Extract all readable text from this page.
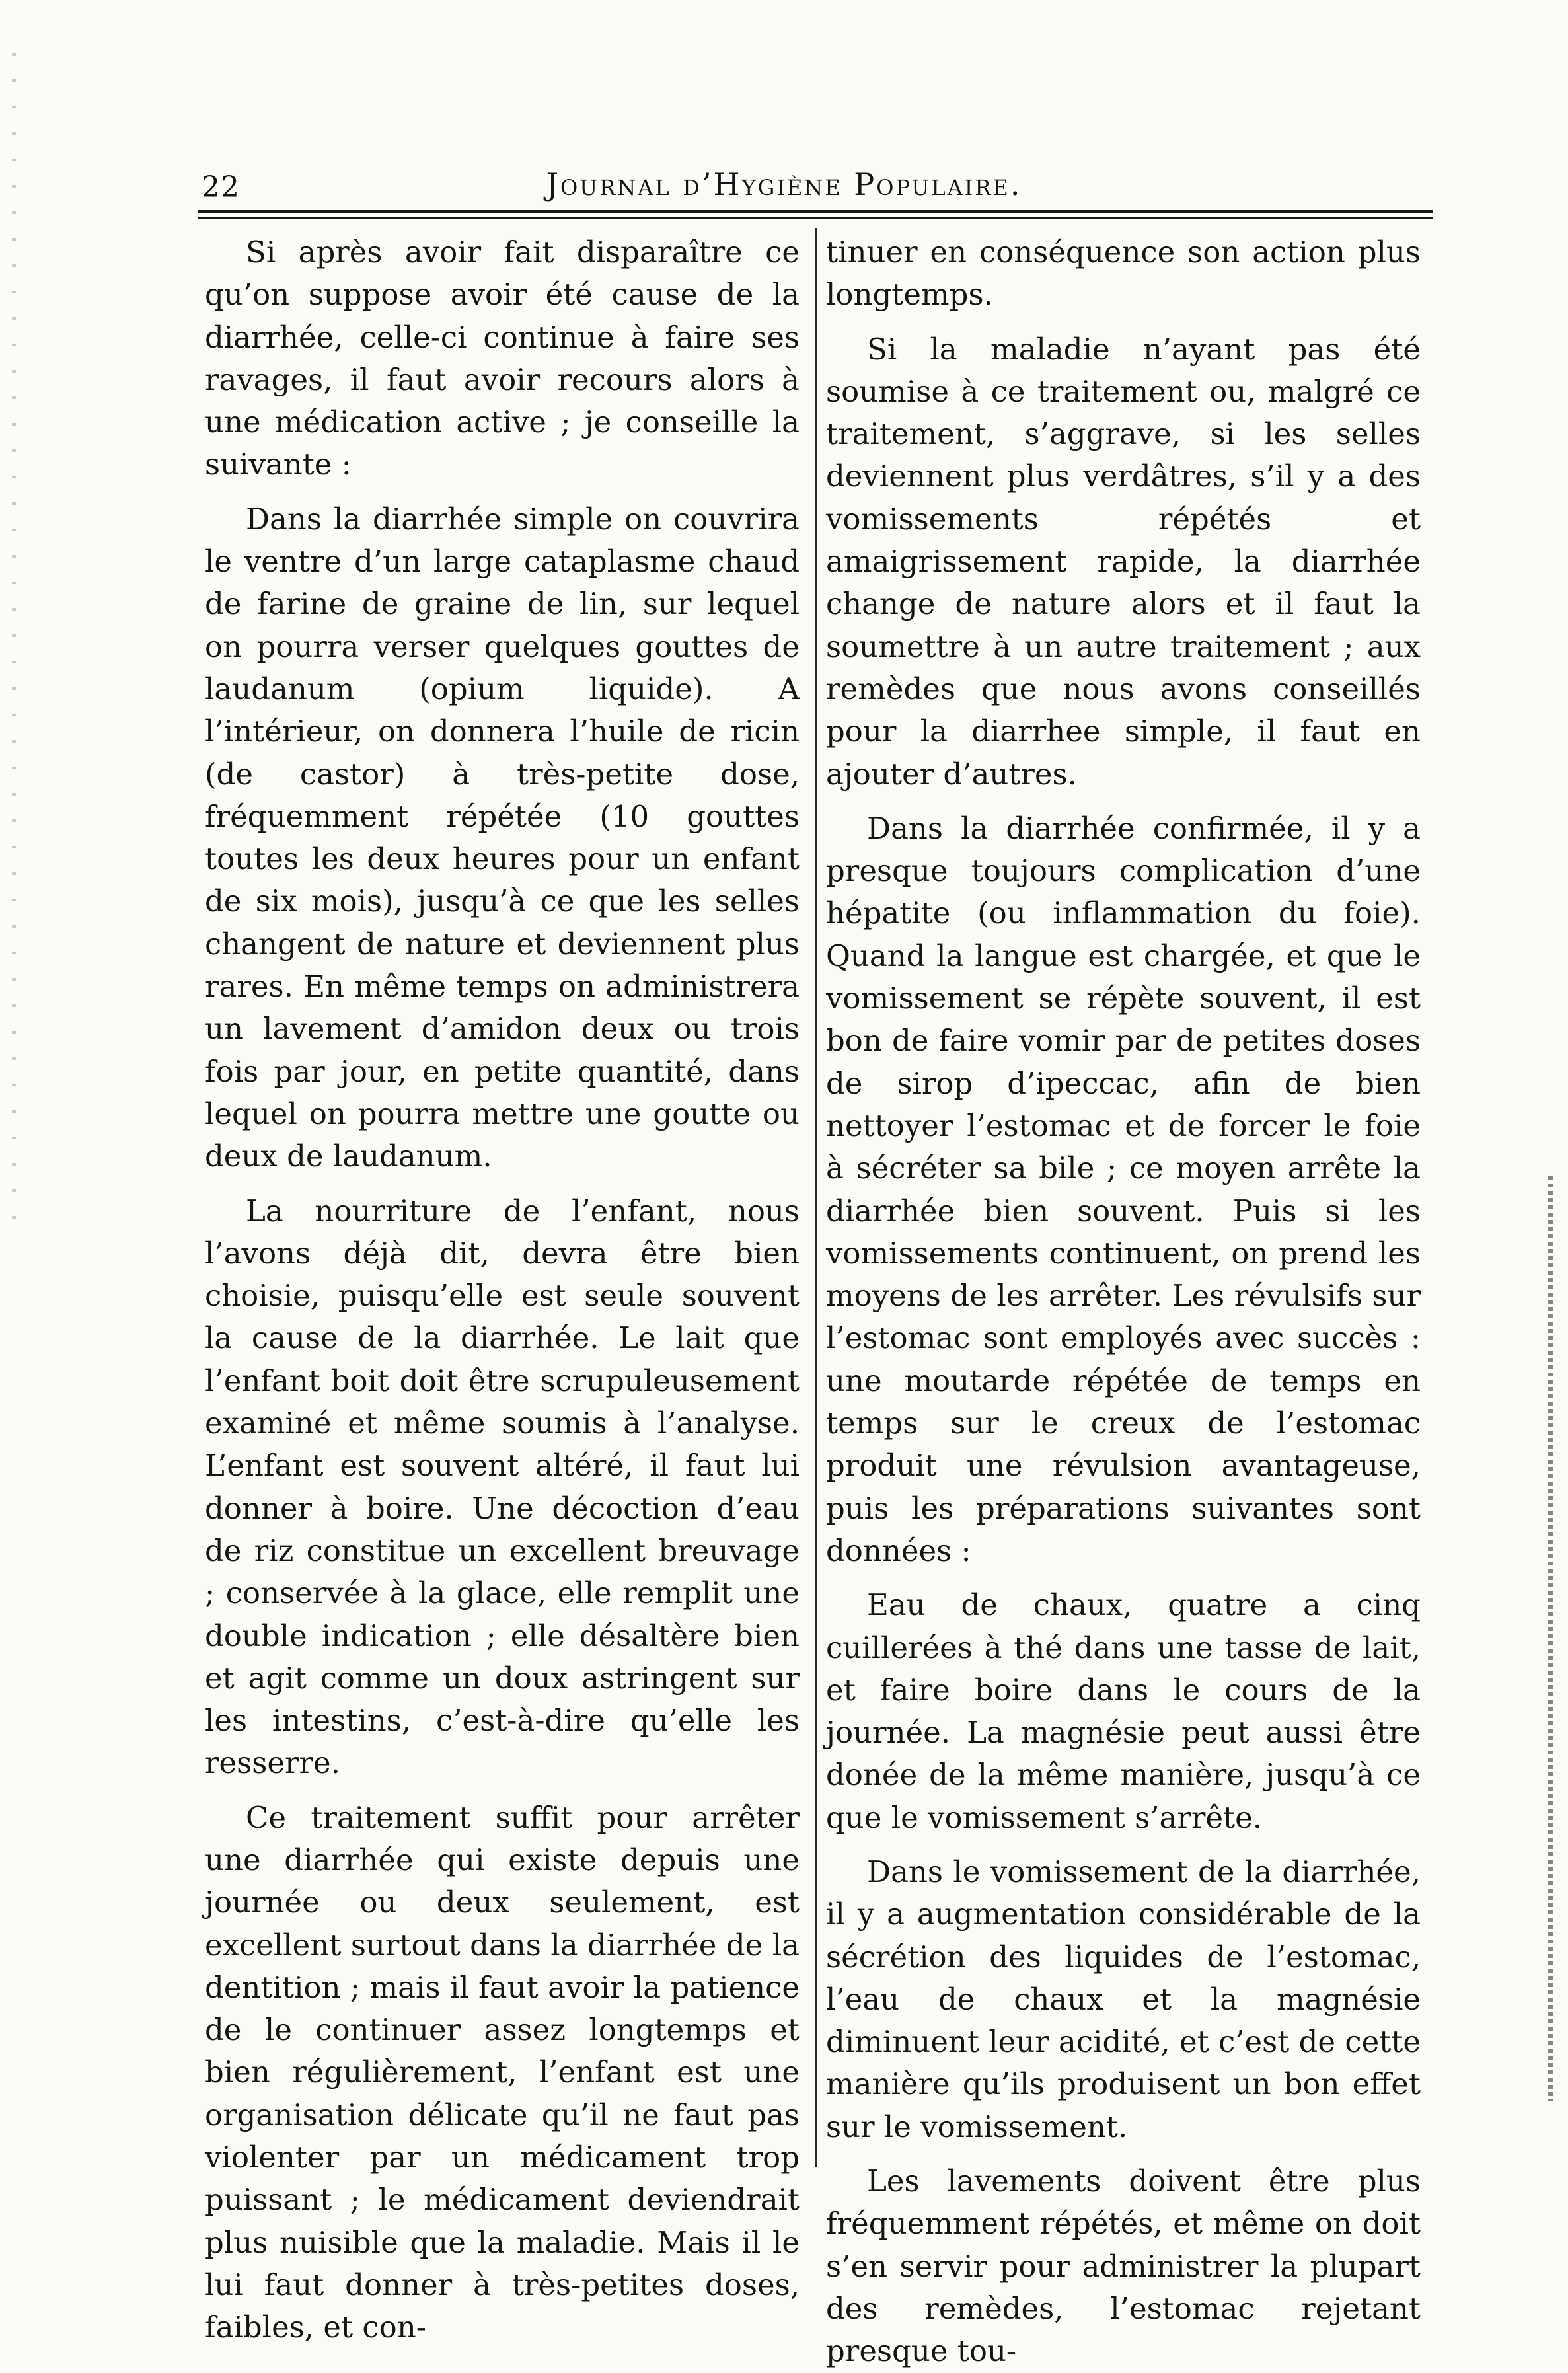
22	Journal d’Hygiène Populaire.

Si après avoir fait disparaître ce qu’on suppose avoir été cause de la diarrhée, celle-ci continue à faire ses ravages, il faut avoir recours alors à une médication active ; je conseille la suivante :

Dans la diarrhée simple on couvrira le ventre d’un large cataplasme chaud de farine de graine de lin, sur lequel on pourra verser quelques gouttes de laudanum (opium liquide). A l’intérieur, on donnera l’huile de ricin (de castor) à très-petite dose, fréquemment répétée (10 gouttes toutes les deux heures pour un enfant de six mois), jusqu’à ce que les selles changent de nature et deviennent plus rares. En même temps on administrera un lavement d’amidon deux ou trois fois par jour, en petite quantité, dans lequel on pourra mettre une goutte ou deux de laudanum.

La nourriture de l’enfant, nous l’avons déjà dit, devra être bien choisie, puisqu’elle est seule souvent la cause de la diarrhée. Le lait que l’enfant boit doit être scrupuleusement examiné et même soumis à l’analyse. L’enfant est souvent altéré, il faut lui donner à boire. Une décoction d’eau de riz constitue un excellent breuvage ; conservée à la glace, elle remplit une double indication ; elle désaltère bien et agit comme un doux astringent sur les intestins, c’est-à-dire qu’elle les resserre.

Ce traitement suffit pour arrêter une diarrhée qui existe depuis une journée ou deux seulement, est excellent surtout dans la diarrhée de la dentition ; mais il faut avoir la patience de le continuer assez longtemps et bien régulièrement, l’enfant est une organisation délicate qu’il ne faut pas violenter par un médicament trop puissant ; le médicament deviendrait plus nuisible que la maladie. Mais il le lui faut donner à très-petites doses, faibles, et con-

tinuer en conséquence son action plus longtemps.

Si la maladie n’ayant pas été soumise à ce traitement ou, malgré ce traitement, s’aggrave, si les selles deviennent plus verdâtres, s’il y a des vomissements répétés et amaigrissement rapide, la diarrhée change de nature alors et il faut la soumettre à un autre traitement ; aux remèdes que nous avons conseillés pour la diarrhee simple, il faut en ajouter d’autres.

Dans la diarrhée confirmée, il y a presque toujours complication d’une hépatite (ou inflammation du foie). Quand la langue est chargée, et que le vomissement se répète souvent, il est bon de faire vomir par de petites doses de sirop d’ipeccac, afin de bien nettoyer l’estomac et de forcer le foie à sécréter sa bile ; ce moyen arrête la diarrhée bien souvent. Puis si les vomissements continuent, on prend les moyens de les arrêter. Les révulsifs sur l’estomac sont employés avec succès : une moutarde répétée de temps en temps sur le creux de l’estomac produit une révulsion avantageuse, puis les préparations suivantes sont données :

Eau de chaux, quatre a cinq cuillerées à thé dans une tasse de lait, et faire boire dans le cours de la journée. La magnésie peut aussi être donée de la même manière, jusqu’à ce que le vomissement s’arrête.

Dans le vomissement de la diarrhée, il y a augmentation considérable de la sécrétion des liquides de l’estomac, l’eau de chaux et la magnésie diminuent leur acidité, et c’est de cette manière qu’ils produisent un bon effet sur le vomissement.

Les lavements doivent être plus fréquemment répétés, et même on doit s’en servir pour administrer la plupart des remèdes, l’estomac rejetant presque tou-
